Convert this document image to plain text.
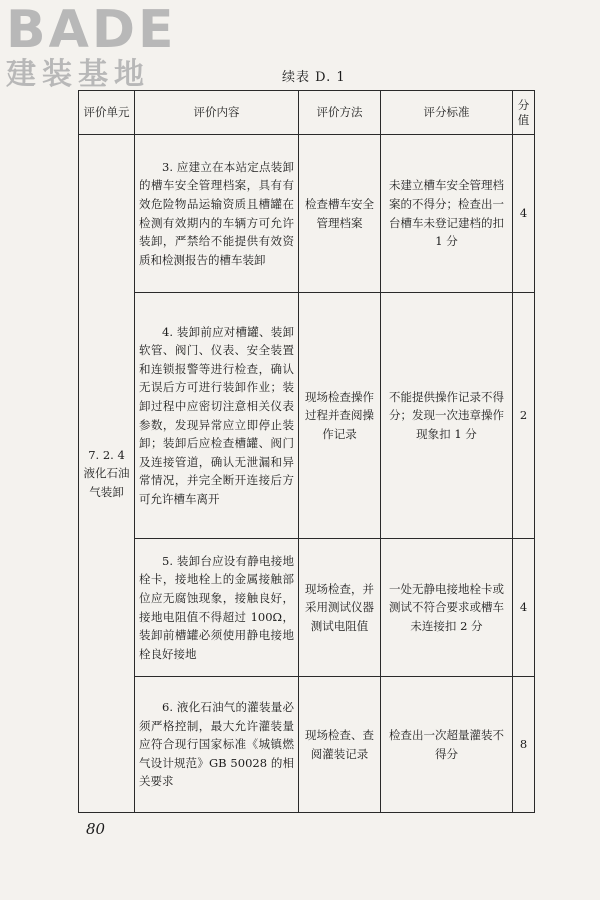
BADE
建装基地	续表 D. 1
评价单元	评价内容	评价方法	评分标准	分值

7. 2. 4
液化石油气装卸	3. 应建立在本站定点装卸的槽车安全管理档案，具有有效危险物品运输资质且槽罐在检测有效期内的车辆方可允许装卸，严禁给不能提供有效资质和检测报告的槽车装卸	检查槽车安全管理档案	未建立槽车安全管理档案的不得分；检查出一台槽车未登记建档的扣 1 分	4

	4. 装卸前应对槽罐、装卸软管、阀门、仪表、安全装置和连锁报警等进行检查，确认无误后方可进行装卸作业；装卸过程中应密切注意相关仪表参数，发现异常应立即停止装卸；装卸后应检查槽罐、阀门及连接管道，确认无泄漏和异常情况，并完全断开连接后方可允许槽车离开	现场检查操作过程并查阅操作记录	不能提供操作记录不得分；发现一次违章操作现象扣 1 分	2

	5. 装卸台应设有静电接地栓卡，接地栓上的金属接触部位应无腐蚀现象，接触良好，接地电阻值不得超过 100Ω，装卸前槽罐必须使用静电接地栓良好接地	现场检查，并采用测试仪器测试电阻值	一处无静电接地栓卡或测试不符合要求或槽车未连接扣 2 分	4

	6. 液化石油气的灌装量必须严格控制，最大允许灌装量应符合现行国家标准《城镇燃气设计规范》GB 50028 的相关要求	现场检查、查阅灌装记录	检查出一次超量灌装不得分	8
80
